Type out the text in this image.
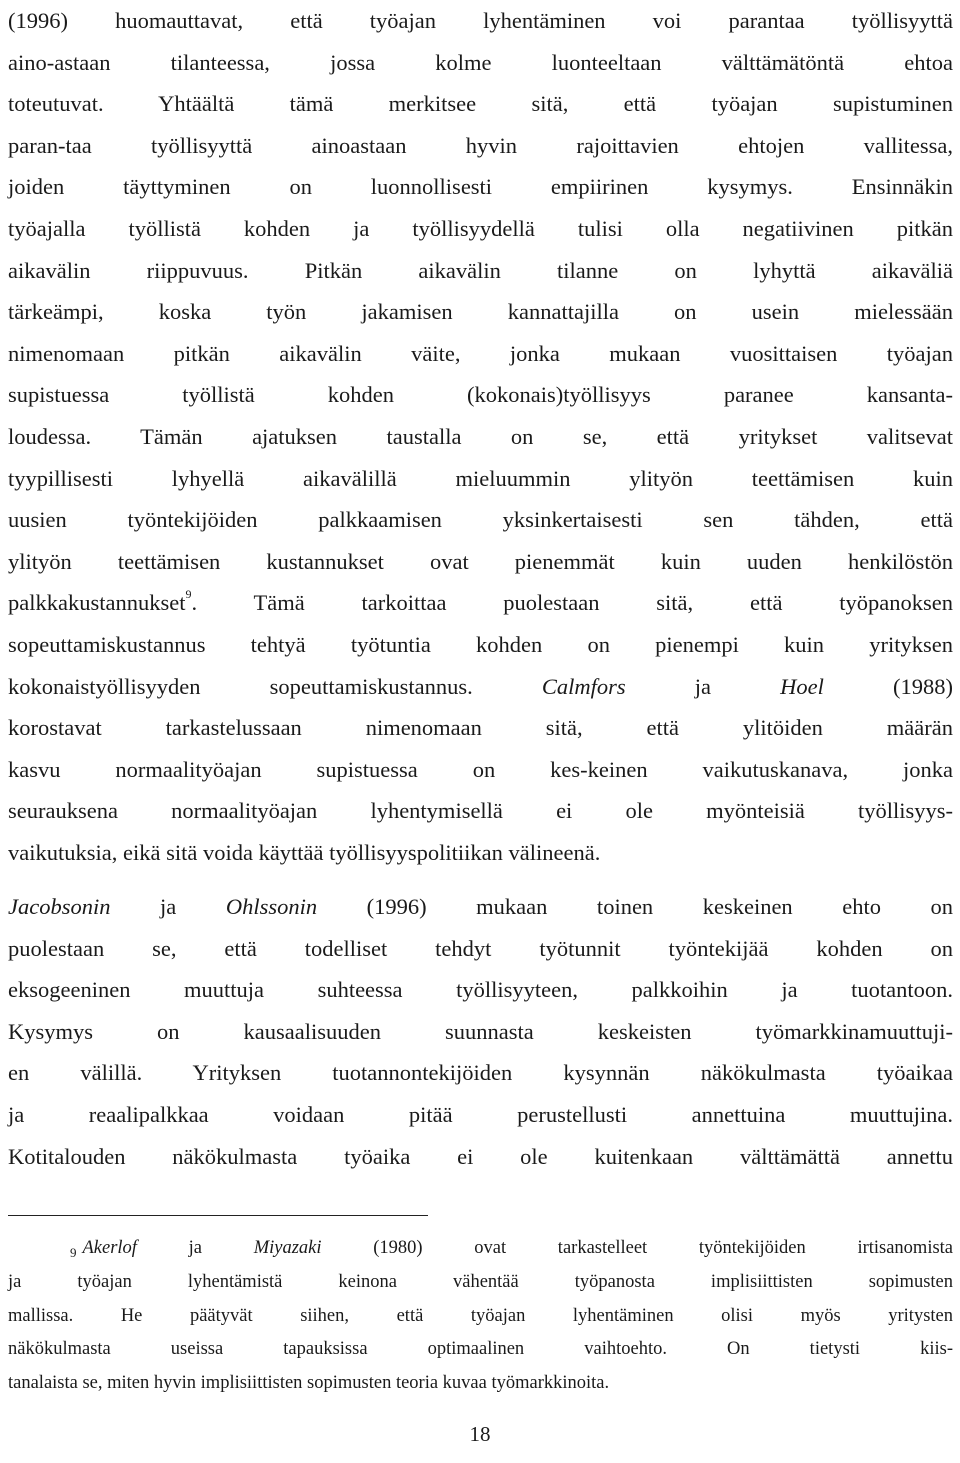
(1996) huomauttavat, että työajan lyhentäminen voi parantaa työllisyyttä
aino-astaan tilanteessa, jossa kolme luonteeltaan välttämätöntä ehtoa
toteutuvat. Yhtäältä tämä merkitsee sitä, että työajan supistuminen
paran-taa työllisyyttä ainoastaan hyvin rajoittavien ehtojen vallitessa,
joiden täyttyminen on luonnollisesti empiirinen kysymys. Ensinnäkin
työajalla työllistä kohden ja työllisyydellä tulisi olla negatiivinen pitkän
aikavälin riippuvuus. Pitkän aikavälin tilanne on lyhyttä aikaväliä
tärkeämpi, koska työn jakamisen kannattajilla on usein mielessään
nimenomaan pitkän aikavälin väite, jonka mukaan vuosittaisen työajan
supistuessa työllistä kohden (kokonais)työllisyys paranee kansanta-
loudessa. Tämän ajatuksen taustalla on se, että yritykset valitsevat
tyypillisesti lyhyellä aikavälillä mieluummin ylityön teettämisen kuin
uusien työntekijöiden palkkaamisen yksinkertaisesti sen tähden, että
ylityön teettämisen kustannukset ovat pienemmät kuin uuden henkilöstön
palkkakustannukset$^9$. Tämä tarkoittaa puolestaan sitä, että työpanoksen
sopeuttamiskustannus tehtyä työtuntia kohden on pienempi kuin yrityksen
kokonaistyöllisyyden sopeuttamiskustannus.	Calmfors	ja	Hoel	(1988)
korostavat tarkastelussaan nimenomaan sitä, että ylitöiden määrän
kasvu normaalityöajan supistuessa on kes-keinen vaikutuskanava, jonka
seurauksena normaalityöajan lyhentymisellä ei ole myönteisiä työllisyys-
vaikutuksia, eikä sitä voida käyttää työllisyyspolitiikan välineenä.
Jacobsonin ja Ohlssonin (1996) mukaan toinen keskeinen ehto on
puolestaan se, että todelliset tehdyt työtunnit työntekijää kohden on
eksogeeninen muuttuja suhteessa työllisyyteen, palkkoihin ja tuotantoon.
Kysymys on kausaalisuuden suunnasta keskeisten työmarkkinamuuttuji-
en välillä. Yrityksen tuotannontekijöiden kysynnän näkökulmasta työaikaa
ja reaalipalkkaa voidaan pitää perustellusti annettuina muuttujina.
Kotitalouden näkökulmasta työaika ei ole kuitenkaan välttämättä annettu
$^9$ Akerlof	ja	Miyazaki	(1980) ovat tarkastelleet työntekijöiden irtisanomista
ja työajan lyhentämistä keinona vähentää työpanosta implisiittisten sopimusten
mallissa. He päätyvät siihen, että työajan lyhentäminen olisi myös yritysten
näkökulmasta useissa tapauksissa optimaalinen vaihtoehto. On tietysti kiis-
tanalaista se, miten hyvin implisiittisten sopimusten teoria kuvaa työmarkkinoita.
18
